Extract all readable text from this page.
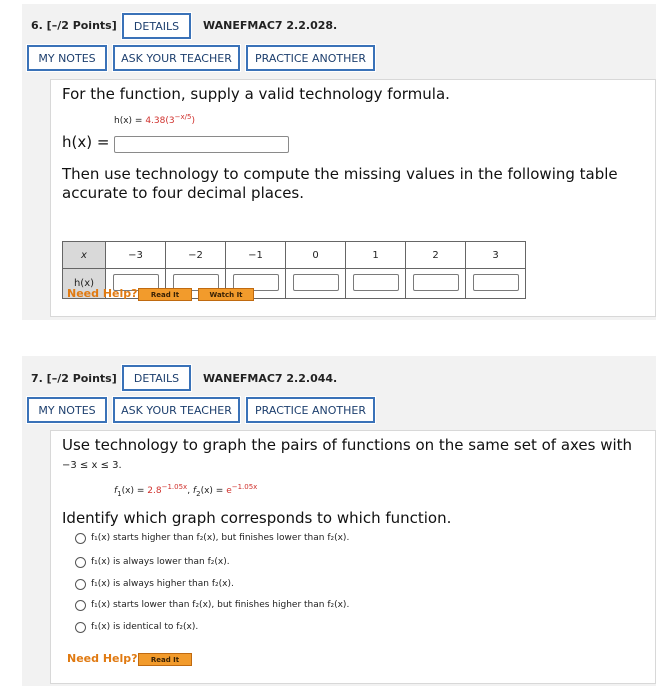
6. [–/2 Points]	DETAILS	WANEFMAC7 2.2.028.
MY NOTES	ASK YOUR TEACHER	PRACTICE ANOTHER
For the function, supply a valid technology formula.
$h(x) = 4.38(3^{-x/5})$
h(x) =
Then use technology to compute the missing values in the following table
accurate to four decimal places.
x	−3	−2	−1	0	1	2	3
h(x)							
Need Help?	Read It	Watch It
7. [–/2 Points]	DETAILS	WANEFMAC7 2.2.044.
MY NOTES	ASK YOUR TEACHER	PRACTICE ANOTHER
Use technology to graph the pairs of functions on the same set of axes with
−3 ≤ x ≤ 3.
$f_1(x) = 2.8^{-1.05x}$, $f_2(x) = e^{-1.05x}$
Identify which graph corresponds to which function.
f₁(x) starts higher than f₂(x), but finishes lower than f₂(x).
f₁(x) is always lower than f₂(x).
f₁(x) is always higher than f₂(x).
f₁(x) starts lower than f₂(x), but finishes higher than f₂(x).
f₁(x) is identical to f₂(x).
Need Help?	Read It
